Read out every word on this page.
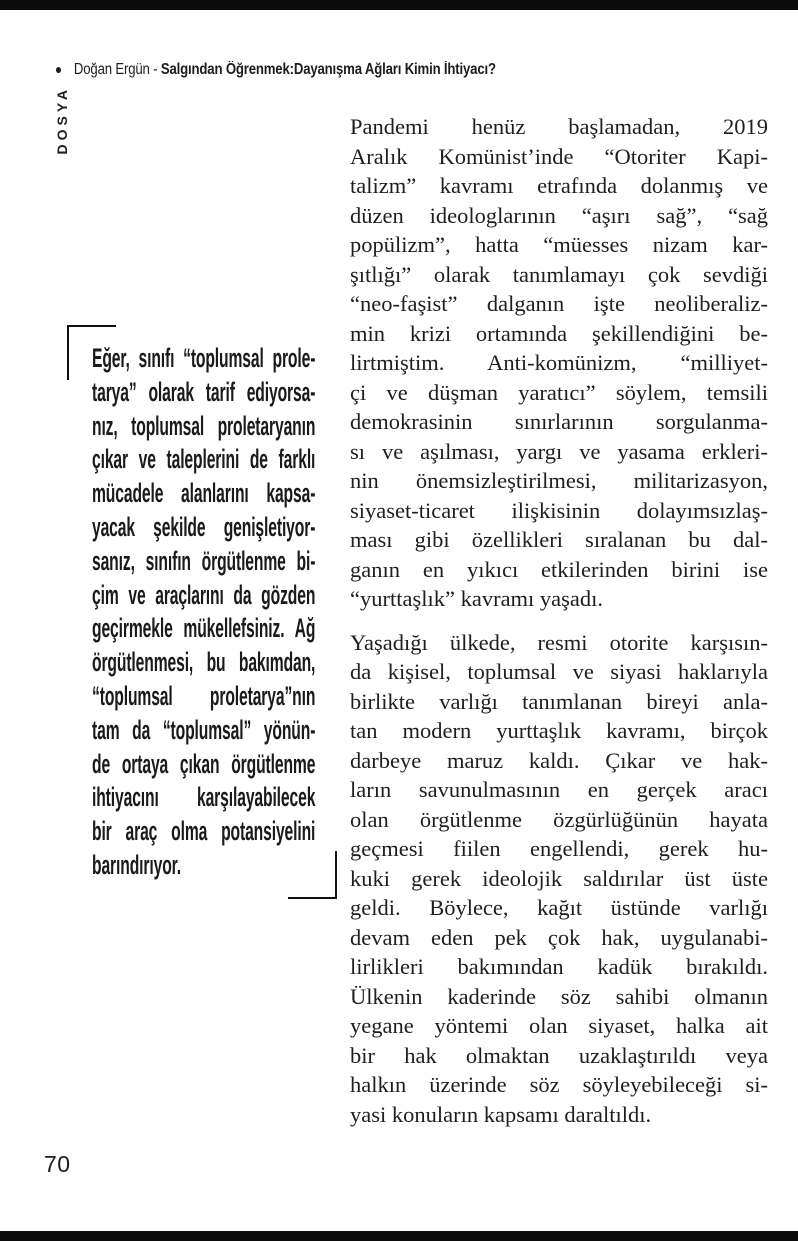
● Doğan Ergün - Salgından Öğrenmek:Dayanışma Ağları Kimin İhtiyacı?
DOSYA
Eğer, sınıfı “toplumsal prole-
tarya” olarak tarif ediyorsa-
nız, toplumsal proletaryanın
çıkar ve taleplerini de farklı
mücadele alanlarını kapsa-
yacak şekilde genişletiyor-
sanız, sınıfın örgütlenme bi-
çim ve araçlarını da gözden
geçirmekle mükellefsiniz. Ağ
örgütlenmesi, bu bakımdan,
“toplumsal proletarya”nın
tam da “toplumsal” yönün-
de ortaya çıkan örgütlenme
ihtiyacını karşılayabilecek
bir araç olma potansiyelini
barındırıyor.
Pandemi henüz başlamadan, 2019
Aralık Komünist’inde “Otoriter Kapi-
talizm” kavramı etrafında dolanmış ve
düzen ideologlarının “aşırı sağ”, “sağ
popülizm”, hatta “müesses nizam kar-
şıtlığı” olarak tanımlamayı çok sevdiği
“neo-faşist” dalganın işte neoliberaliz-
min krizi ortamında şekillendiğini be-
lirtmiştim. Anti-komünizm, “milliyet-
çi ve düşman yaratıcı” söylem, temsili
demokrasinin sınırlarının sorgulanma-
sı ve aşılması, yargı ve yasama erkleri-
nin önemsizleştirilmesi, militarizasyon,
siyaset-ticaret ilişkisinin dolayımsızlaş-
ması gibi özellikleri sıralanan bu dal-
ganın en yıkıcı etkilerinden birini ise
“yurttaşlık” kavramı yaşadı.
Yaşadığı ülkede, resmi otorite karşısın-
da kişisel, toplumsal ve siyasi haklarıyla
birlikte varlığı tanımlanan bireyi anla-
tan modern yurttaşlık kavramı, birçok
darbeye maruz kaldı. Çıkar ve hak-
ların savunulmasının en gerçek aracı
olan örgütlenme özgürlüğünün hayata
geçmesi fiilen engellendi, gerek hu-
kuki gerek ideolojik saldırılar üst üste
geldi. Böylece, kağıt üstünde varlığı
devam eden pek çok hak, uygulanabi-
lirlikleri bakımından kadük bırakıldı.
Ülkenin kaderinde söz sahibi olmanın
yegane yöntemi olan siyaset, halka ait
bir hak olmaktan uzaklaştırıldı veya
halkın üzerinde söz söyleyebileceği si-
yasi konuların kapsamı daraltıldı.
70
